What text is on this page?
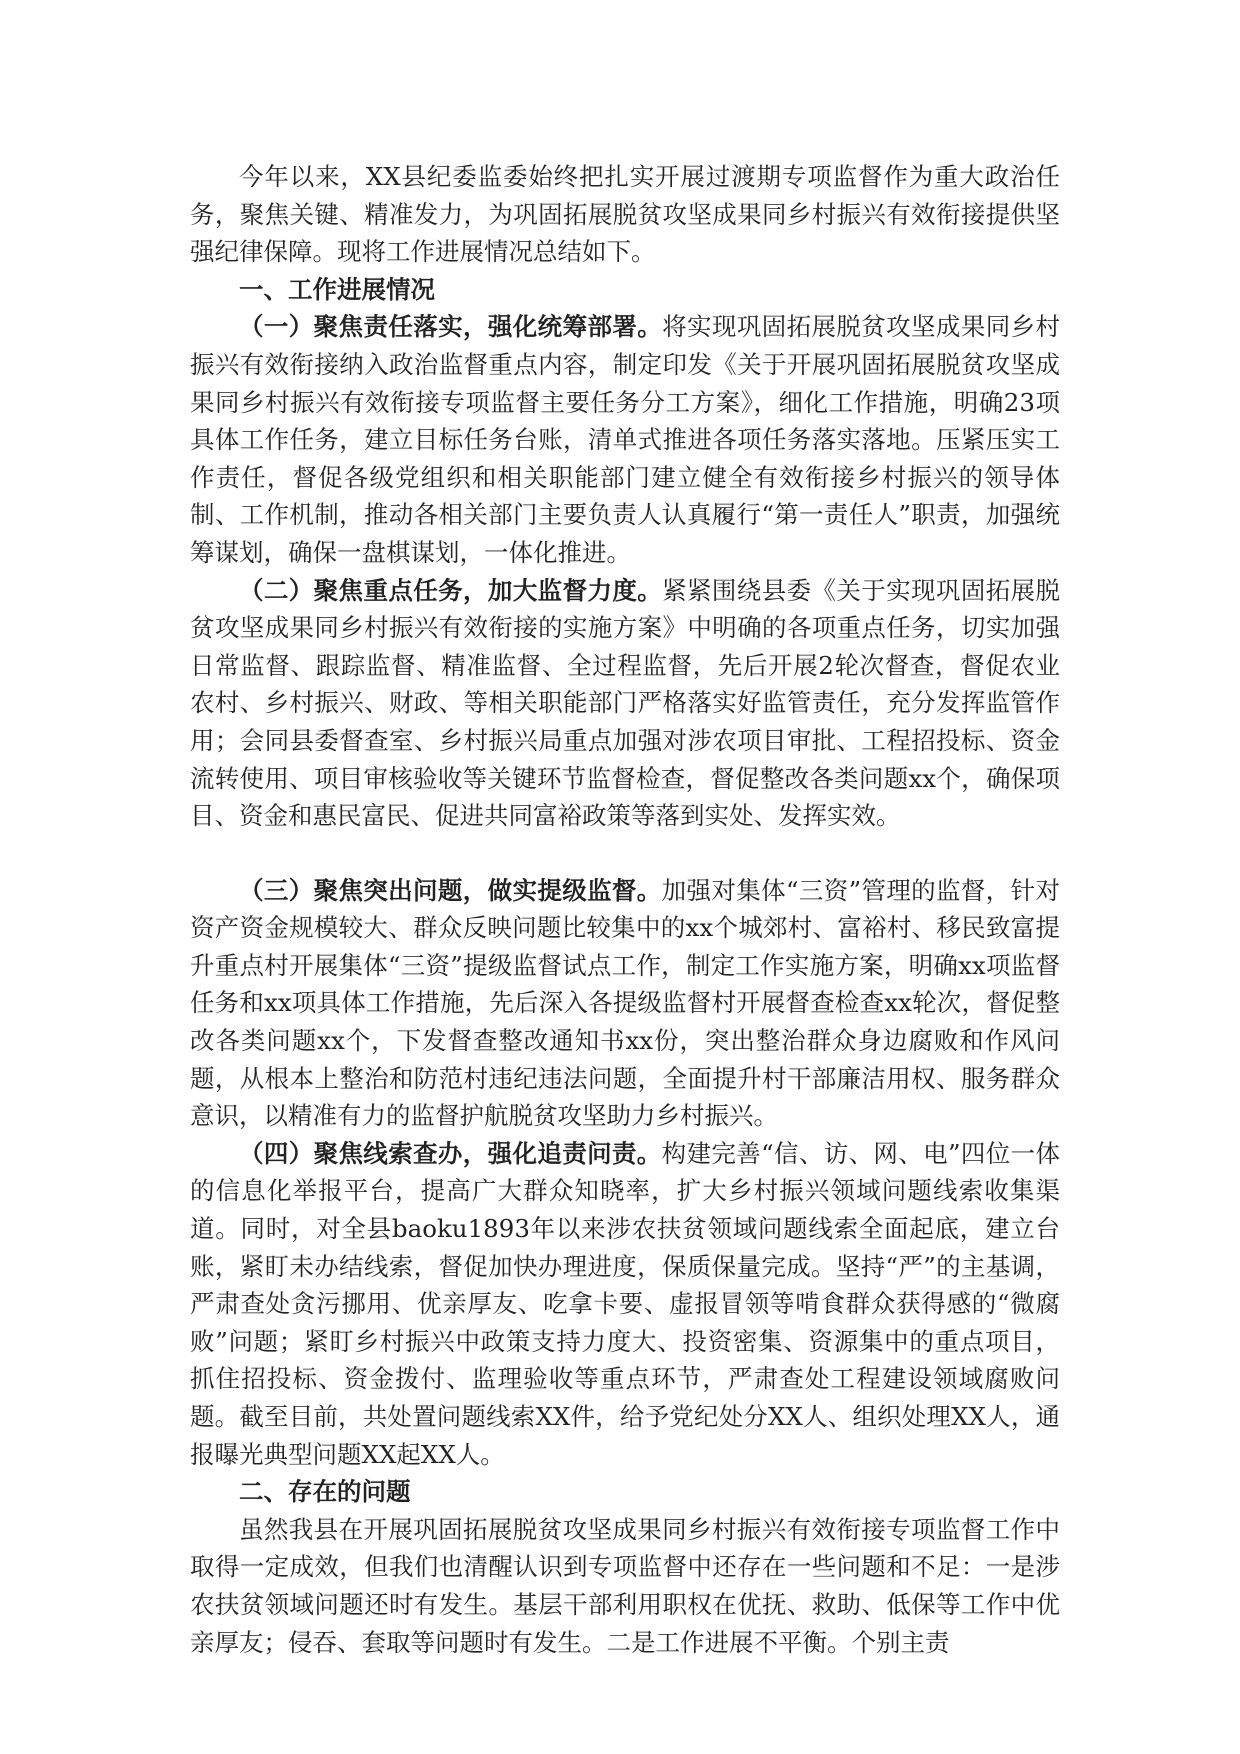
今年以来，XX县纪委监委始终把扎实开展过渡期专项监督作为重大政治任务，聚焦关键、精准发力，为巩固拓展脱贫攻坚成果同乡村振兴有效衔接提供坚强纪律保障。现将工作进展情况总结如下。

一、工作进展情况

（一）聚焦责任落实，强化统筹部署。将实现巩固拓展脱贫攻坚成果同乡村振兴有效衔接纳入政治监督重点内容，制定印发《关于开展巩固拓展脱贫攻坚成果同乡村振兴有效衔接专项监督主要任务分工方案》，细化工作措施，明确23项具体工作任务，建立目标任务台账，清单式推进各项任务落实落地。压紧压实工作责任，督促各级党组织和相关职能部门建立健全有效衔接乡村振兴的领导体制、工作机制，推动各相关部门主要负责人认真履行“第一责任人”职责，加强统筹谋划，确保一盘棋谋划，一体化推进。

（二）聚焦重点任务，加大监督力度。紧紧围绕县委《关于实现巩固拓展脱贫攻坚成果同乡村振兴有效衔接的实施方案》中明确的各项重点任务，切实加强日常监督、跟踪监督、精准监督、全过程监督，先后开展2轮次督查，督促农业农村、乡村振兴、财政、等相关职能部门严格落实好监管责任，充分发挥监管作用；会同县委督查室、乡村振兴局重点加强对涉农项目审批、工程招投标、资金流转使用、项目审核验收等关键环节监督检查，督促整改各类问题xx个，确保项目、资金和惠民富民、促进共同富裕政策等落到实处、发挥实效。

（三）聚焦突出问题，做实提级监督。加强对集体“三资”管理的监督，针对资产资金规模较大、群众反映问题比较集中的xx个城郊村、富裕村、移民致富提升重点村开展集体“三资”提级监督试点工作，制定工作实施方案，明确xx项监督任务和xx项具体工作措施，先后深入各提级监督村开展督查检查xx轮次，督促整改各类问题xx个，下发督查整改通知书xx份，突出整治群众身边腐败和作风问题，从根本上整治和防范村违纪违法问题，全面提升村干部廉洁用权、服务群众意识，以精准有力的监督护航脱贫攻坚助力乡村振兴。

（四）聚焦线索查办，强化追责问责。构建完善“信、访、网、电”四位一体的信息化举报平台，提高广大群众知晓率，扩大乡村振兴领域问题线索收集渠道。同时，对全县baoku1893年以来涉农扶贫领域问题线索全面起底，建立台账，紧盯未办结线索，督促加快办理进度，保质保量完成。坚持“严”的主基调，严肃查处贪污挪用、优亲厚友、吃拿卡要、虚报冒领等啃食群众获得感的“微腐败”问题；紧盯乡村振兴中政策支持力度大、投资密集、资源集中的重点项目，抓住招投标、资金拨付、监理验收等重点环节，严肃查处工程建设领域腐败问题。截至目前，共处置问题线索XX件，给予党纪处分XX人、组织处理XX人，通报曝光典型问题XX起XX人。

二、存在的问题

虽然我县在开展巩固拓展脱贫攻坚成果同乡村振兴有效衔接专项监督工作中取得一定成效，但我们也清醒认识到专项监督中还存在一些问题和不足：一是涉农扶贫领域问题还时有发生。基层干部利用职权在优抚、救助、低保等工作中优亲厚友；侵吞、套取等问题时有发生。二是工作进展不平衡。个别主责
